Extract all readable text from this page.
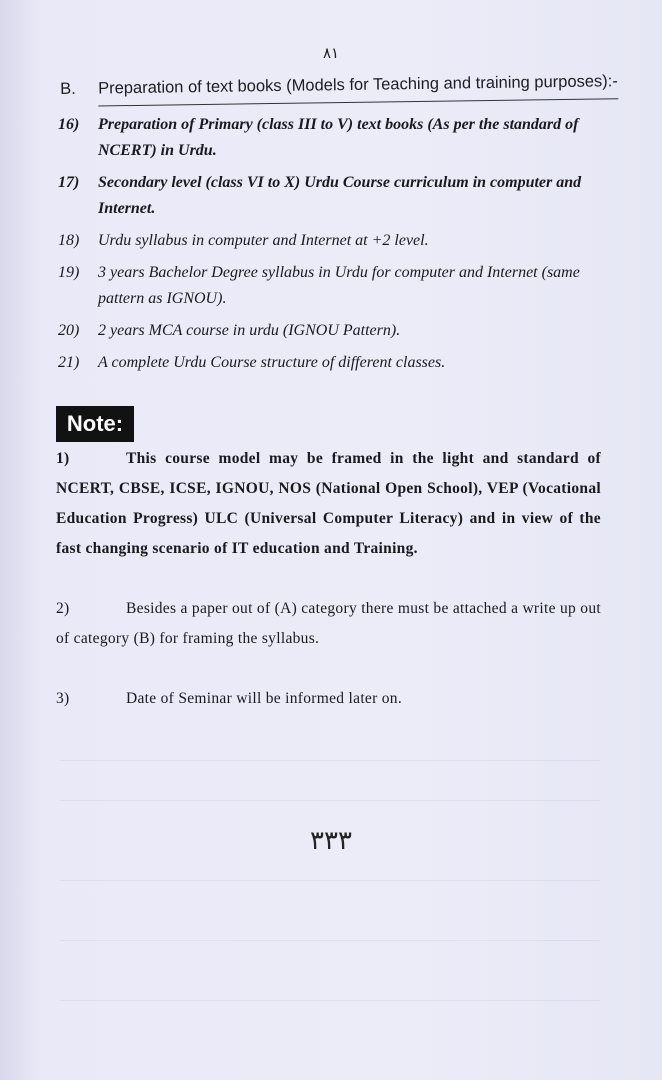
٨١
B. Preparation of text books (Models for Teaching and training purposes):-
16)	Preparation of Primary (class III to V) text books (As per the standard of NCERT) in Urdu.
17)	Secondary level (class VI to X) Urdu Course curriculum in computer and Internet.
18)	Urdu syllabus in computer and Internet at +2 level.
19)	3 years Bachelor Degree syllabus in Urdu for computer and Internet (same pattern as IGNOU).
20)	2 years MCA course in urdu (IGNOU Pattern).
21)	A complete Urdu Course structure of different classes.
Note:
1)	This course model may be framed in the light and standard of NCERT, CBSE, ICSE, IGNOU, NOS (National Open School), VEP (Vocational Education Progress) ULC (Universal Computer Literacy) and in view of the fast changing scenario of IT education and Training.
2)	Besides a paper out of (A) category there must be attached a write up out of category (B) for framing the syllabus.
3)	Date of Seminar will be informed later on.
٣٣٣
